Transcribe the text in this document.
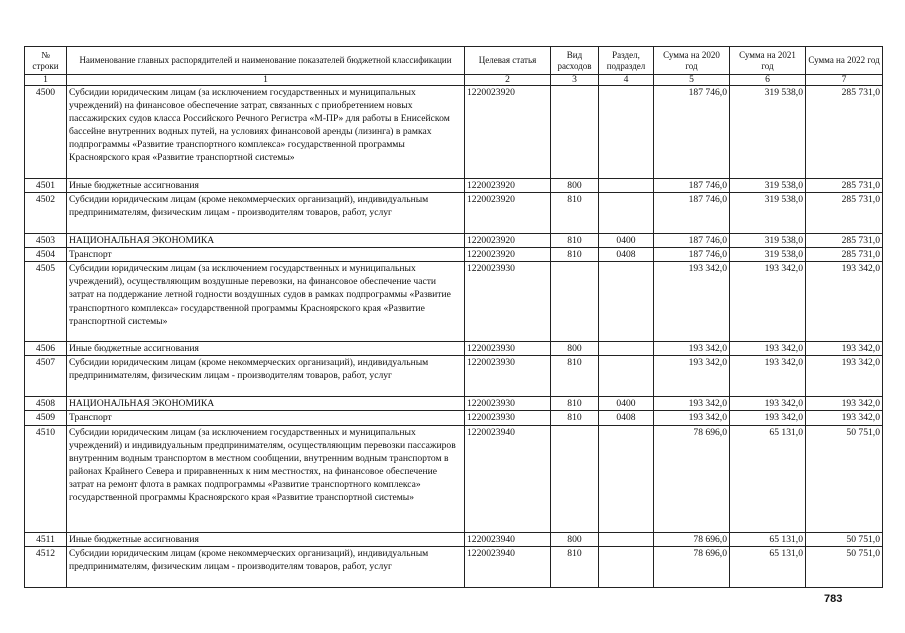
№ строки	Наименование главных распорядителей и наименование показателей бюджетной классификации	Целевая статья	Вид расходов	Раздел, подраздел	Сумма на 2020 год	Сумма на 2021 год	Сумма на 2022 год
1	1	2	3	4	5	6	7
4500	Субсидии юридическим лицам (за исключением государственных и муниципальных учреждений) на финансовое обеспечение затрат, связанных с приобретением новых пассажирских судов класса Российского Речного Регистра «М-ПР» для работы в Енисейском бассейне внутренних водных путей, на условиях финансовой аренды (лизинга) в рамках подпрограммы «Развитие транспортного комплекса» государственной программы Красноярского края «Развитие транспортной системы»	1220023920			187 746,0	319 538,0	285 731,0
4501	Иные бюджетные ассигнования	1220023920	800		187 746,0	319 538,0	285 731,0
4502	Субсидии юридическим лицам (кроме некоммерческих организаций), индивидуальным предпринимателям, физическим лицам - производителям товаров, работ, услуг	1220023920	810		187 746,0	319 538,0	285 731,0
4503	НАЦИОНАЛЬНАЯ ЭКОНОМИКА	1220023920	810	0400	187 746,0	319 538,0	285 731,0
4504	Транспорт	1220023920	810	0408	187 746,0	319 538,0	285 731,0
4505	Субсидии юридическим лицам (за исключением государственных и муниципальных учреждений), осуществляющим воздушные перевозки, на финансовое обеспечение части затрат на поддержание летной годности воздушных судов в рамках подпрограммы «Развитие транспортного комплекса» государственной программы Красноярского края «Развитие транспортной системы»	1220023930			193 342,0	193 342,0	193 342,0
4506	Иные бюджетные ассигнования	1220023930	800		193 342,0	193 342,0	193 342,0
4507	Субсидии юридическим лицам (кроме некоммерческих организаций), индивидуальным предпринимателям, физическим лицам - производителям товаров, работ, услуг	1220023930	810		193 342,0	193 342,0	193 342,0
4508	НАЦИОНАЛЬНАЯ ЭКОНОМИКА	1220023930	810	0400	193 342,0	193 342,0	193 342,0
4509	Транспорт	1220023930	810	0408	193 342,0	193 342,0	193 342,0
4510	Субсидии юридическим лицам (за исключением государственных и муниципальных учреждений) и индивидуальным предпринимателям, осуществляющим перевозки пассажиров внутренним водным транспортом в местном сообщении, внутренним водным транспортом в районах Крайнего Севера и приравненных к ним местностях, на финансовое обеспечение затрат на ремонт флота в рамках подпрограммы «Развитие транспортного комплекса» государственной программы Красноярского края «Развитие транспортной системы»	1220023940			78 696,0	65 131,0	50 751,0
4511	Иные бюджетные ассигнования	1220023940	800		78 696,0	65 131,0	50 751,0
4512	Субсидии юридическим лицам (кроме некоммерческих организаций), индивидуальным предпринимателям, физическим лицам - производителям товаров, работ, услуг	1220023940	810		78 696,0	65 131,0	50 751,0
783
